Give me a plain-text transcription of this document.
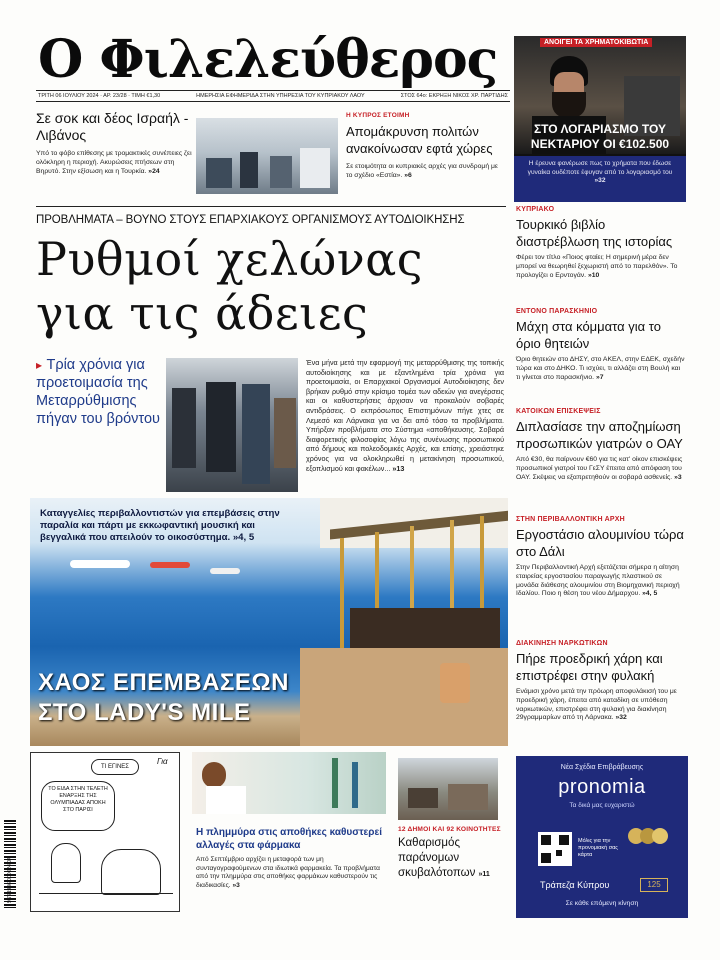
Ο Φιλελεύθερος
ΤΡΙΤΗ 06 ΙΟΥΛΙΟΥ 2024 · ΑΡ. 23/28 · ΤΙΜΗ €1,30	ΗΜΕΡΗΣΙΑ ΕΦΗΜΕΡΙΔΑ ΣΤΗΝ ΥΠΗΡΕΣΙΑ ΤΟΥ ΚΥΠΡΙΑΚΟΥ ΛΑΟΥ	ΣΤΟΣ 64ο: ΕΚΡΗΞΗ ΝΙΚΟΣ ΧΡ. ΠΑΡΤΙΔΗΣ
Σε σοκ και δέος Ισραήλ - Λιβάνος
Υπό το φόβο επίθεσης με τρομακτικές συνέπειες ζει ολόκληρη η περιοχή. Ακυρώσεις πτήσεων στη Βηρυτό. Στην εξίσωση και η Τουρκία. »24
Η ΚΥΠΡΟΣ ΕΤΟΙΜΗ
Απομάκρυνση πολιτών ανακοίνωσαν εφτά χώρες
Σε ετοιμότητα οι κυπριακές αρχές για συνδρομή με το σχέδιο «Εστία». »6
ΑΝΟΙΓΕΙ ΤΑ ΧΡΗΜΑΤΟΚΙΒΩΤΙΑ
ΣΤΟ ΛΟΓΑΡΙΑΣΜΟ ΤΟΥ ΝΕΚΤΑΡΙΟΥ ΟΙ €102.500
Η έρευνα φανέρωσε πως το χρήματα που έδωσε γυναίκα ουδέποτε έφυγαν από το λογαριασμό του »32
ΠΡΟΒΛΗΜΑΤΑ – ΒΟΥΝΟ ΣΤΟΥΣ ΕΠΑΡΧΙΑΚΟΥΣ ΟΡΓΑΝΙΣΜΟΥΣ ΑΥΤΟΔΙΟΙΚΗΣΗΣ
Ρυθμοί χελώνας
για τις άδειες
▸ Τρία χρόνια για προετοιμασία της Μεταρρύθμισης πήγαν του βρόντου
Ένα μήνα μετά την εφαρμογή της μεταρρύθμισης της τοπικής αυτοδιοίκησης και με εξαντλημένα τρία χρόνια για προετοιμασία, οι Επαρχιακοί Οργανισμοί Αυτοδιοίκησης δεν βρήκαν ρυθμό στην κρίσιμο τομέα των αδειών για ανεγέρσεις και οι καθυστερήσεις άρχισαν να προκαλούν σοβαρές αντιδράσεις. Ο εκπρόσωπος Επιστημόνων πήγε χτες σε Λεμεσό και Λάρνακα για να δει από τόσο τα προβλήματα. Υπήρξαν προβλήματα στο Σύστημα «αποθήκευσης. Σοβαρά διαφορετικής φιλοσοφίας λόγω της συνένωσης προσωπικού από δήμους και πολεοδομικές Αρχές, και επίσης, χρειάστηκε χρόνος για να ολοκληρωθεί η μετακίνηση προσωπικού, εξοπλισμού και φακέλων... »13
Καταγγελίες περιβαλλοντιστών για επεμβάσεις στην παραλία και πάρτι με εκκωφαντική μουσική και βεγγαλικά που απειλούν το οικοσύστημα. »4, 5
ΧΑΟΣ ΕΠΕΜΒΑΣΕΩΝ
ΣΤΟ LADY'S MILE
ΚΥΠΡΙΑΚΟ
Τουρκικό βιβλίο διαστρέβλωση της ιστορίας
Φέρει τον τίτλο «Ποιος φταίει; Η σημερινή μέρα δεν μπορεί να θεωρηθεί ξεχωριστή από το παρελθόν». Το προλογίζει ο Ερντογάν. »10
ΕΝΤΟΝΟ ΠΑΡΑΣΚΗΝΙΟ
Μάχη στα κόμματα για το όριο θητειών
Όριο θητειών στο ΔΗΣΥ, στο ΑΚΕΛ, στην ΕΔΕΚ, σχεδήν τώρα και στο ΔΗΚΟ. Τι ισχύει, τι αλλάζει στη Βουλή και τι γίνεται στο παρασκήνιο. »7
ΚΑΤΟΙΚΩΝ ΕΠΙΣΚΕΨΕΙΣ
Διπλασίασε την αποζημίωση προσωπικών γιατρών ο ΟΑΥ
Από €30, θα παίρνουν €60 για τις κατ' οίκον επισκέψεις προσωπικοί γιατροί του ΓεΣΥ έπειτα από απόφαση του ΟΑΥ. Σκέψεις να εξαπρετηθούν οι σοβαρά ασθενείς. »3
ΣΤΗΝ ΠΕΡΙΒΑΛΛΟΝΤΙΚΗ ΑΡΧΗ
Εργοστάσιο αλουμινίου τώρα στο Δάλι
Στην Περιβαλλοντική Αρχή εξετάζεται σήμερα η αίτηση εταιρείας εργοστασίου παραγωγής πλαστικού σε μονάδα διάθεσης αλουμινίου στη Βιομηχανική περιοχή Ιδαλίου. Ποιο η θέση του νέου Δήμαρχου. »4, 5
ΔΙΑΚΙΝΗΣΗ ΝΑΡΚΩΤΙΚΩΝ
Πήρε προεδρική χάρη και επιστρέφει στην φυλακή
Ενάμισι χρόνο μετά την πρόωρη αποφυλάκισή του με προεδρική χάρη, έπειτα από καταδίκη σε υπόθεση ναρκωτικών, επιστρέφει στη φυλακή για διακίνηση 29γραμμαρίων από τη Λάρνακα. »32
ΤΙ ΕΓΙΝΕΣ
ΤΟ ΕΙΔΑ ΣΤΗΝ ΤΕΛΕΤΗ ΕΝΑΡΞΗΣ ΤΗΣ ΟΛΥΜΠΙΑΔΑΣ ΑΠΟΚΗ ΣΤΟ ΠΑΡΙΣΙ
Για
Η πλημμύρα στις αποθήκες καθυστερεί αλλαγές στα φάρμακα
Από Σεπτέμβριο αρχίζει η μεταφορά των μη συνταγογραφούμενων στα ιδιωτικά φαρμακεία. Τα προβλήματα από την πλημμύρα στις αποθήκες φαρμάκων καθυστερούν τις διαδικασίες. »3
12 ΔΗΜΟΙ ΚΑΙ 92 ΚΟΙΝΟΤΗΤΕΣ
Καθαρισμός παράνομων σκυβαλότοπων »11
Νέα Σχέδια Επιβράβευσης
pronomia
Τα δικά μας ευχαριστώ
Μόλις για την προνομιακή σας κάρτα
Τράπεζα Κύπρου	125
Σε κάθε επόμενη κίνηση
9 771986 000024 04
